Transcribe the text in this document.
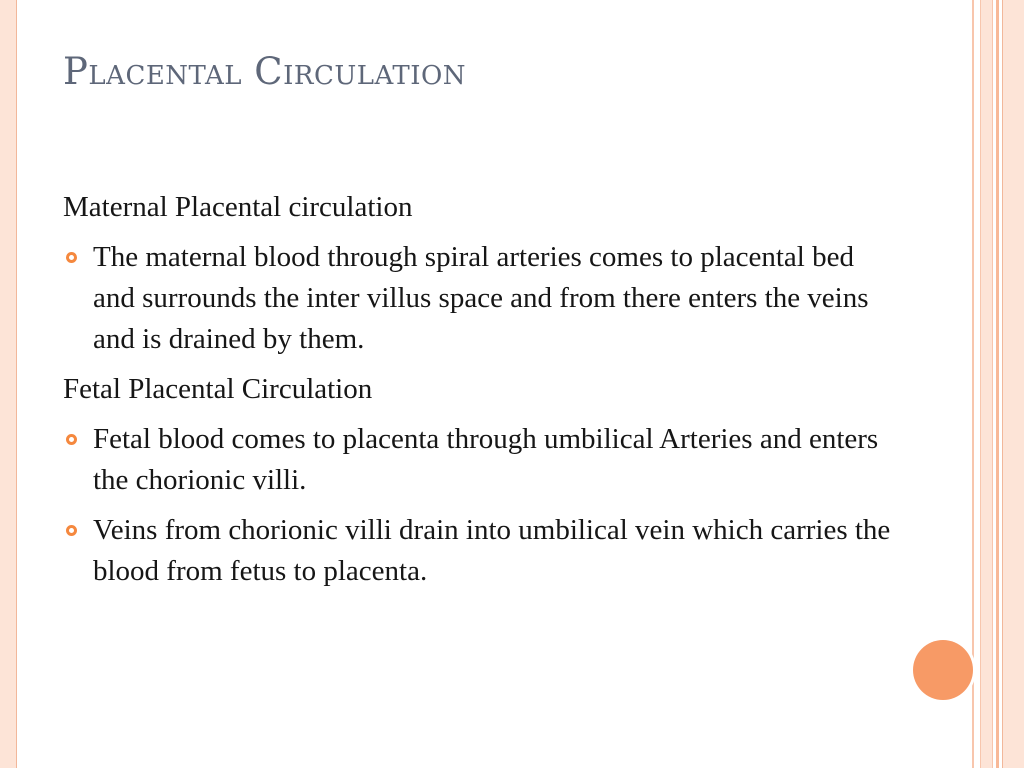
Placental Circulation
Maternal Placental circulation
The maternal blood through spiral arteries comes to placental bed and surrounds the inter villus space and from there enters the veins and is drained by them.
Fetal Placental Circulation
Fetal blood comes to placenta through umbilical Arteries and enters the chorionic villi.
Veins from chorionic villi drain into umbilical vein which carries the blood from fetus to placenta.
